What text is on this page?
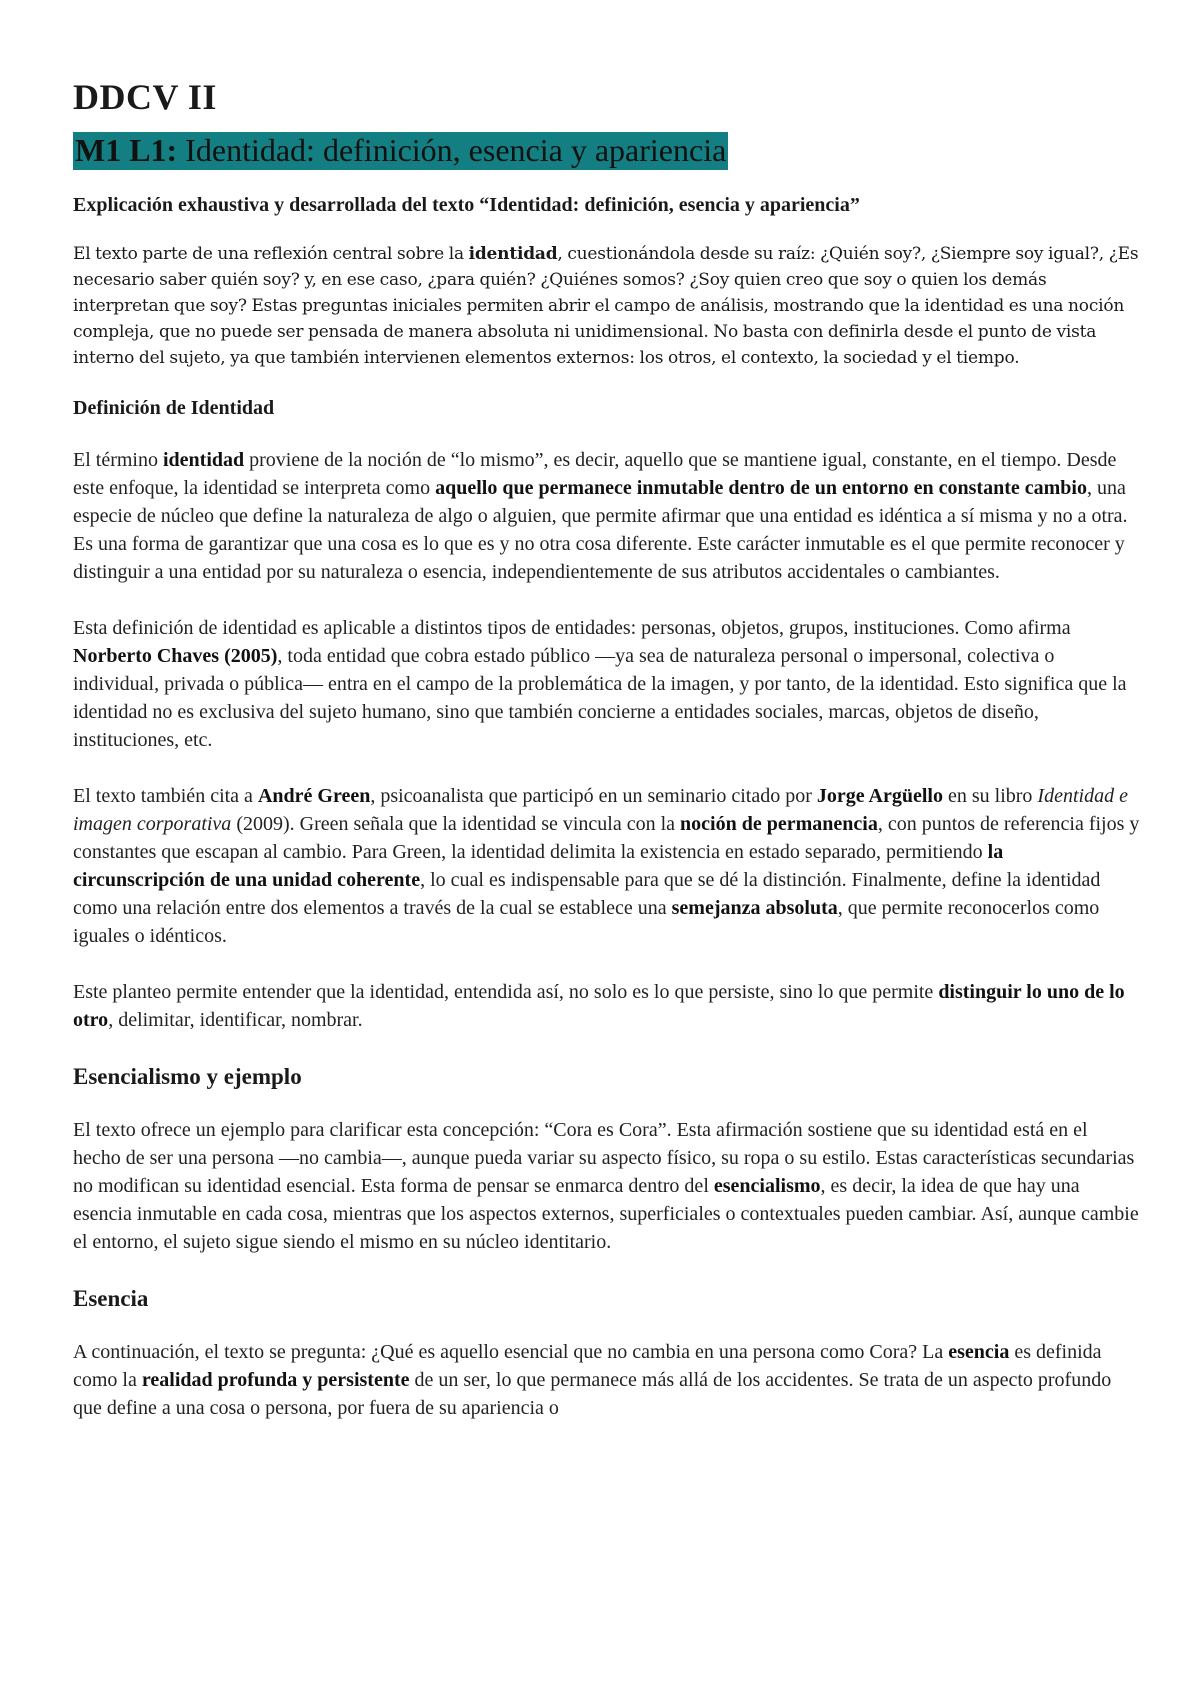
DDCV II
M1 L1: Identidad: definición, esencia y apariencia
Explicación exhaustiva y desarrollada del texto “Identidad: definición, esencia y apariencia”

El texto parte de una reflexión central sobre la identidad, cuestionándola desde su raíz: ¿Quién soy?, ¿Siempre soy igual?, ¿Es necesario saber quién soy? y, en ese caso, ¿para quién? ¿Quiénes somos? ¿Soy quien creo que soy o quien los demás interpretan que soy? Estas preguntas iniciales permiten abrir el campo de análisis, mostrando que la identidad es una noción compleja, que no puede ser pensada de manera absoluta ni unidimensional. No basta con definirla desde el punto de vista interno del sujeto, ya que también intervienen elementos externos: los otros, el contexto, la sociedad y el tiempo.

Definición de Identidad

El término identidad proviene de la noción de “lo mismo”, es decir, aquello que se mantiene igual, constante, en el tiempo. Desde este enfoque, la identidad se interpreta como aquello que permanece inmutable dentro de un entorno en constante cambio, una especie de núcleo que define la naturaleza de algo o alguien, que permite afirmar que una entidad es idéntica a sí misma y no a otra. Es una forma de garantizar que una cosa es lo que es y no otra cosa diferente. Este carácter inmutable es el que permite reconocer y distinguir a una entidad por su naturaleza o esencia, independientemente de sus atributos accidentales o cambiantes.

Esta definición de identidad es aplicable a distintos tipos de entidades: personas, objetos, grupos, instituciones. Como afirma Norberto Chaves (2005), toda entidad que cobra estado público —ya sea de naturaleza personal o impersonal, colectiva o individual, privada o pública— entra en el campo de la problemática de la imagen, y por tanto, de la identidad. Esto significa que la identidad no es exclusiva del sujeto humano, sino que también concierne a entidades sociales, marcas, objetos de diseño, instituciones, etc.

El texto también cita a André Green, psicoanalista que participó en un seminario citado por Jorge Argüello en su libro Identidad e imagen corporativa (2009). Green señala que la identidad se vincula con la noción de permanencia, con puntos de referencia fijos y constantes que escapan al cambio. Para Green, la identidad delimita la existencia en estado separado, permitiendo la circunscripción de una unidad coherente, lo cual es indispensable para que se dé la distinción. Finalmente, define la identidad como una relación entre dos elementos a través de la cual se establece una semejanza absoluta, que permite reconocerlos como iguales o idénticos.

Este planteo permite entender que la identidad, entendida así, no solo es lo que persiste, sino lo que permite distinguir lo uno de lo otro, delimitar, identificar, nombrar.

Esencialismo y ejemplo

El texto ofrece un ejemplo para clarificar esta concepción: “Cora es Cora”. Esta afirmación sostiene que su identidad está en el hecho de ser una persona —no cambia—, aunque pueda variar su aspecto físico, su ropa o su estilo. Estas características secundarias no modifican su identidad esencial. Esta forma de pensar se enmarca dentro del esencialismo, es decir, la idea de que hay una esencia inmutable en cada cosa, mientras que los aspectos externos, superficiales o contextuales pueden cambiar. Así, aunque cambie el entorno, el sujeto sigue siendo el mismo en su núcleo identitario.

Esencia

A continuación, el texto se pregunta: ¿Qué es aquello esencial que no cambia en una persona como Cora? La esencia es definida como la realidad profunda y persistente de un ser, lo que permanece más allá de los accidentes. Se trata de un aspecto profundo que define a una cosa o persona, por fuera de su apariencia o
